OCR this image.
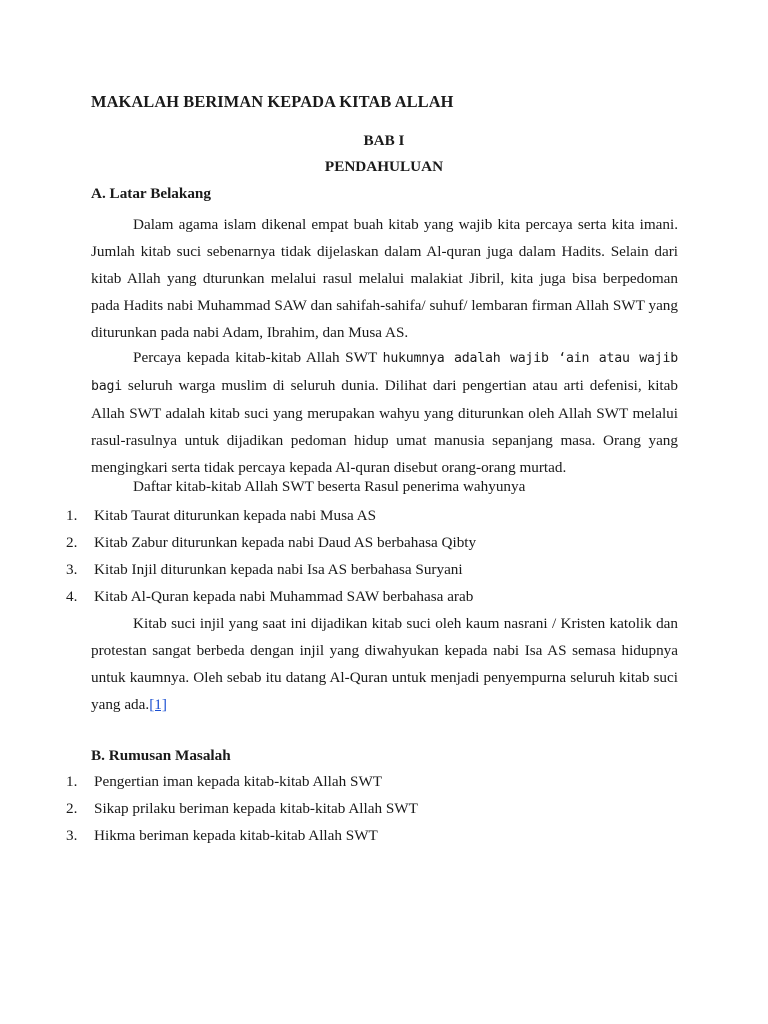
MAKALAH BERIMAN KEPADA KITAB ALLAH
BAB I
PENDAHULUAN
A. Latar Belakang

Dalam agama islam dikenal empat buah kitab yang wajib kita percaya serta kita imani. Jumlah kitab suci sebenarnya tidak dijelaskan dalam Al-quran juga dalam Hadits. Selain dari kitab Allah yang dturunkan melalui rasul melalui malakiat Jibril, kita juga bisa berpedoman pada Hadits nabi Muhammad SAW dan sahifah-sahifa/ suhuf/ lembaran firman Allah SWT yang diturunkan pada nabi Adam, Ibrahim, dan Musa AS.

Percaya kepada kitab-kitab Allah SWT hukumnya adalah wajib ‘ain atau wajib bagi seluruh warga muslim di seluruh dunia. Dilihat dari pengertian atau arti defenisi, kitab Allah SWT adalah kitab suci yang merupakan wahyu yang diturunkan oleh Allah SWT melalui rasul-rasulnya untuk dijadikan pedoman hidup umat manusia sepanjang masa. Orang yang mengingkari serta tidak percaya kepada Al-quran disebut orang-orang murtad.

Daftar kitab-kitab Allah SWT beserta Rasul penerima wahyunya

1. Kitab Taurat diturunkan kepada nabi Musa AS
2. Kitab Zabur diturunkan kepada nabi Daud AS berbahasa Qibty
3. Kitab Injil diturunkan kepada nabi Isa AS berbahasa Suryani
4. Kitab Al-Quran kepada nabi Muhammad SAW berbahasa arab

Kitab suci injil yang saat ini dijadikan kitab suci oleh kaum nasrani / Kristen katolik dan protestan sangat berbeda dengan injil yang diwahyukan kepada nabi Isa AS semasa hidupnya untuk kaumnya. Oleh sebab itu datang Al-Quran untuk menjadi penyempurna seluruh kitab suci yang ada.[1]

B. Rumusan Masalah
1. Pengertian iman kepada kitab-kitab Allah SWT
2. Sikap prilaku beriman kepada kitab-kitab Allah SWT
3. Hikma beriman kepada kitab-kitab Allah SWT
